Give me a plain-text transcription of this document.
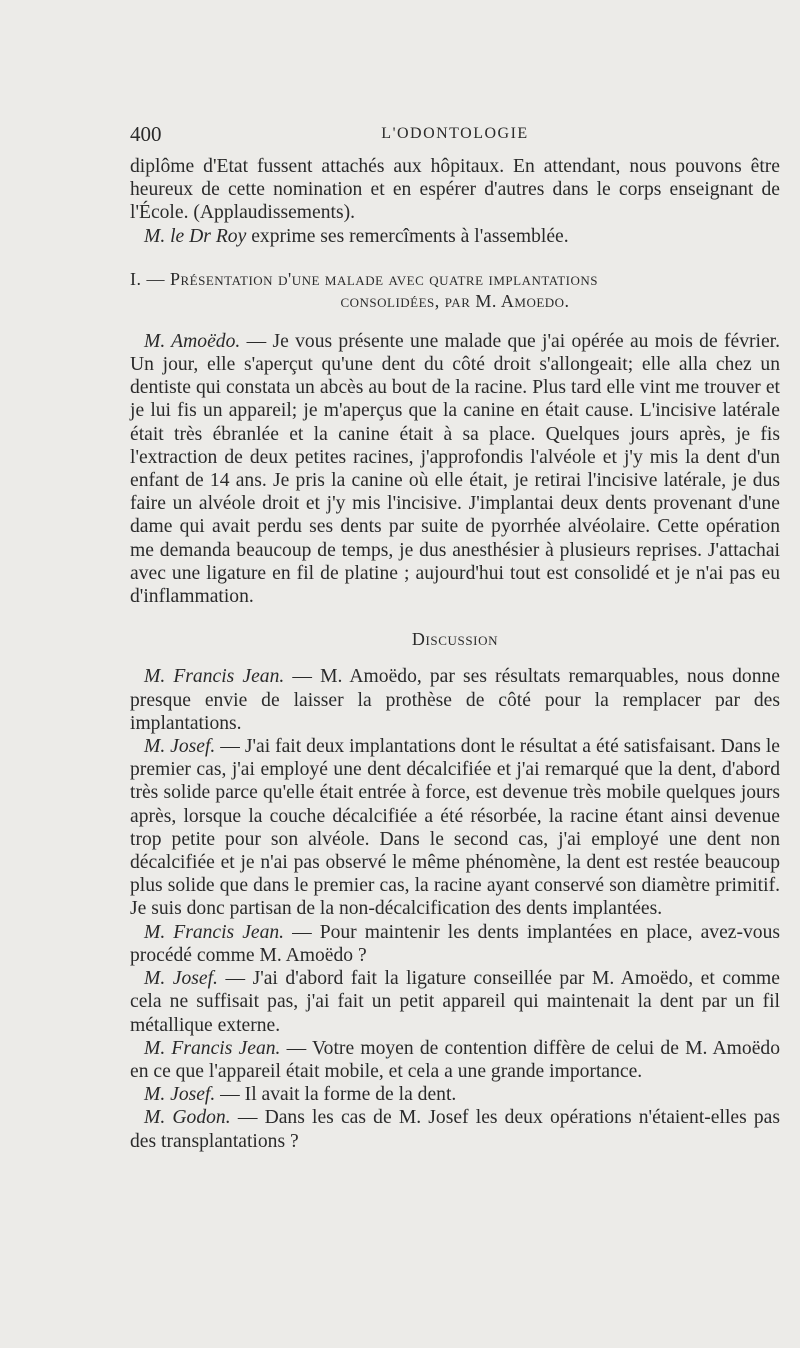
400	L'ODONTOLOGIE

diplôme d'Etat fussent attachés aux hôpitaux. En attendant, nous pouvons être heureux de cette nomination et en espérer d'autres dans le corps enseignant de l'École. (Applaudissements).

M. le Dr Roy exprime ses remercîments à l'assemblée.

I. — Présentation d'une malade avec quatre implantations
consolidées, par M. Amoedo.

M. Amoëdo. — Je vous présente une malade que j'ai opérée au mois de février. Un jour, elle s'aperçut qu'une dent du côté droit s'allongeait; elle alla chez un dentiste qui constata un abcès au bout de la racine. Plus tard elle vint me trouver et je lui fis un appareil; je m'aperçus que la canine en était cause. L'incisive latérale était très ébranlée et la canine était à sa place. Quelques jours après, je fis l'extraction de deux petites racines, j'approfondis l'alvéole et j'y mis la dent d'un enfant de 14 ans. Je pris la canine où elle était, je retirai l'incisive latérale, je dus faire un alvéole droit et j'y mis l'incisive. J'implantai deux dents provenant d'une dame qui avait perdu ses dents par suite de pyorrhée alvéolaire. Cette opération me demanda beaucoup de temps, je dus anesthésier à plusieurs reprises. J'attachai avec une ligature en fil de platine ; aujourd'hui tout est consolidé et je n'ai pas eu d'inflammation.

Discussion

M. Francis Jean. — M. Amoëdo, par ses résultats remarquables, nous donne presque envie de laisser la prothèse de côté pour la remplacer par des implantations.

M. Josef. — J'ai fait deux implantations dont le résultat a été satisfaisant. Dans le premier cas, j'ai employé une dent décalcifiée et j'ai remarqué que la dent, d'abord très solide parce qu'elle était entrée à force, est devenue très mobile quelques jours après, lorsque la couche décalcifiée a été résorbée, la racine étant ainsi devenue trop petite pour son alvéole. Dans le second cas, j'ai employé une dent non décalcifiée et je n'ai pas observé le même phénomène, la dent est restée beaucoup plus solide que dans le premier cas, la racine ayant conservé son diamètre primitif. Je suis donc partisan de la non-décalcification des dents implantées.

M. Francis Jean. — Pour maintenir les dents implantées en place, avez-vous procédé comme M. Amoëdo ?

M. Josef. — J'ai d'abord fait la ligature conseillée par M. Amoëdo, et comme cela ne suffisait pas, j'ai fait un petit appareil qui maintenait la dent par un fil métallique externe.

M. Francis Jean. — Votre moyen de contention diffère de celui de M. Amoëdo en ce que l'appareil était mobile, et cela a une grande importance.

M. Josef. — Il avait la forme de la dent.

M. Godon. — Dans les cas de M. Josef les deux opérations n'étaient-elles pas des transplantations ?
